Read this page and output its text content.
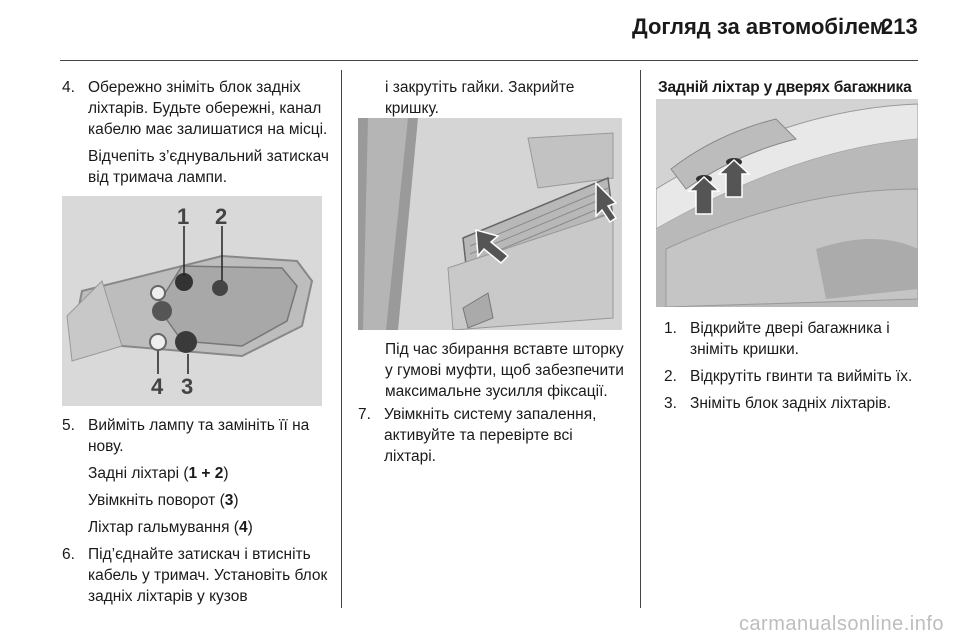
Догляд за автомобілем
213
4. Обережно зніміть блок задніх ліхтарів. Будьте обережні, канал кабелю має залишатися на місці.

Відчепіть з’єднувальний затискач від тримача лампи.

1 2
4 3
5. Вийміть лампу та замініть її на нову.

Задні ліхтарі (1 + 2)

Увімкніть поворот (3)

Ліхтар гальмування (4)

6. Під’єднайте затискач і втисніть кабель у тримач. Установіть блок задніх ліхтарів у кузов

і закрутіть гайки. Закрийте кришку.
Під час збирання вставте шторку у гумові муфти, щоб забезпечити максимальне зусилля фіксації.
7. Увімкніть систему запалення, активуйте та перевірте всі ліхтарі.

Задній ліхтар у дверях багажника
1. Відкрийте двері багажника і зніміть кришки.

2. Відкрутіть гвинти та вийміть їх.

3. Зніміть блок задніх ліхтарів.

carmanualsonline.info
